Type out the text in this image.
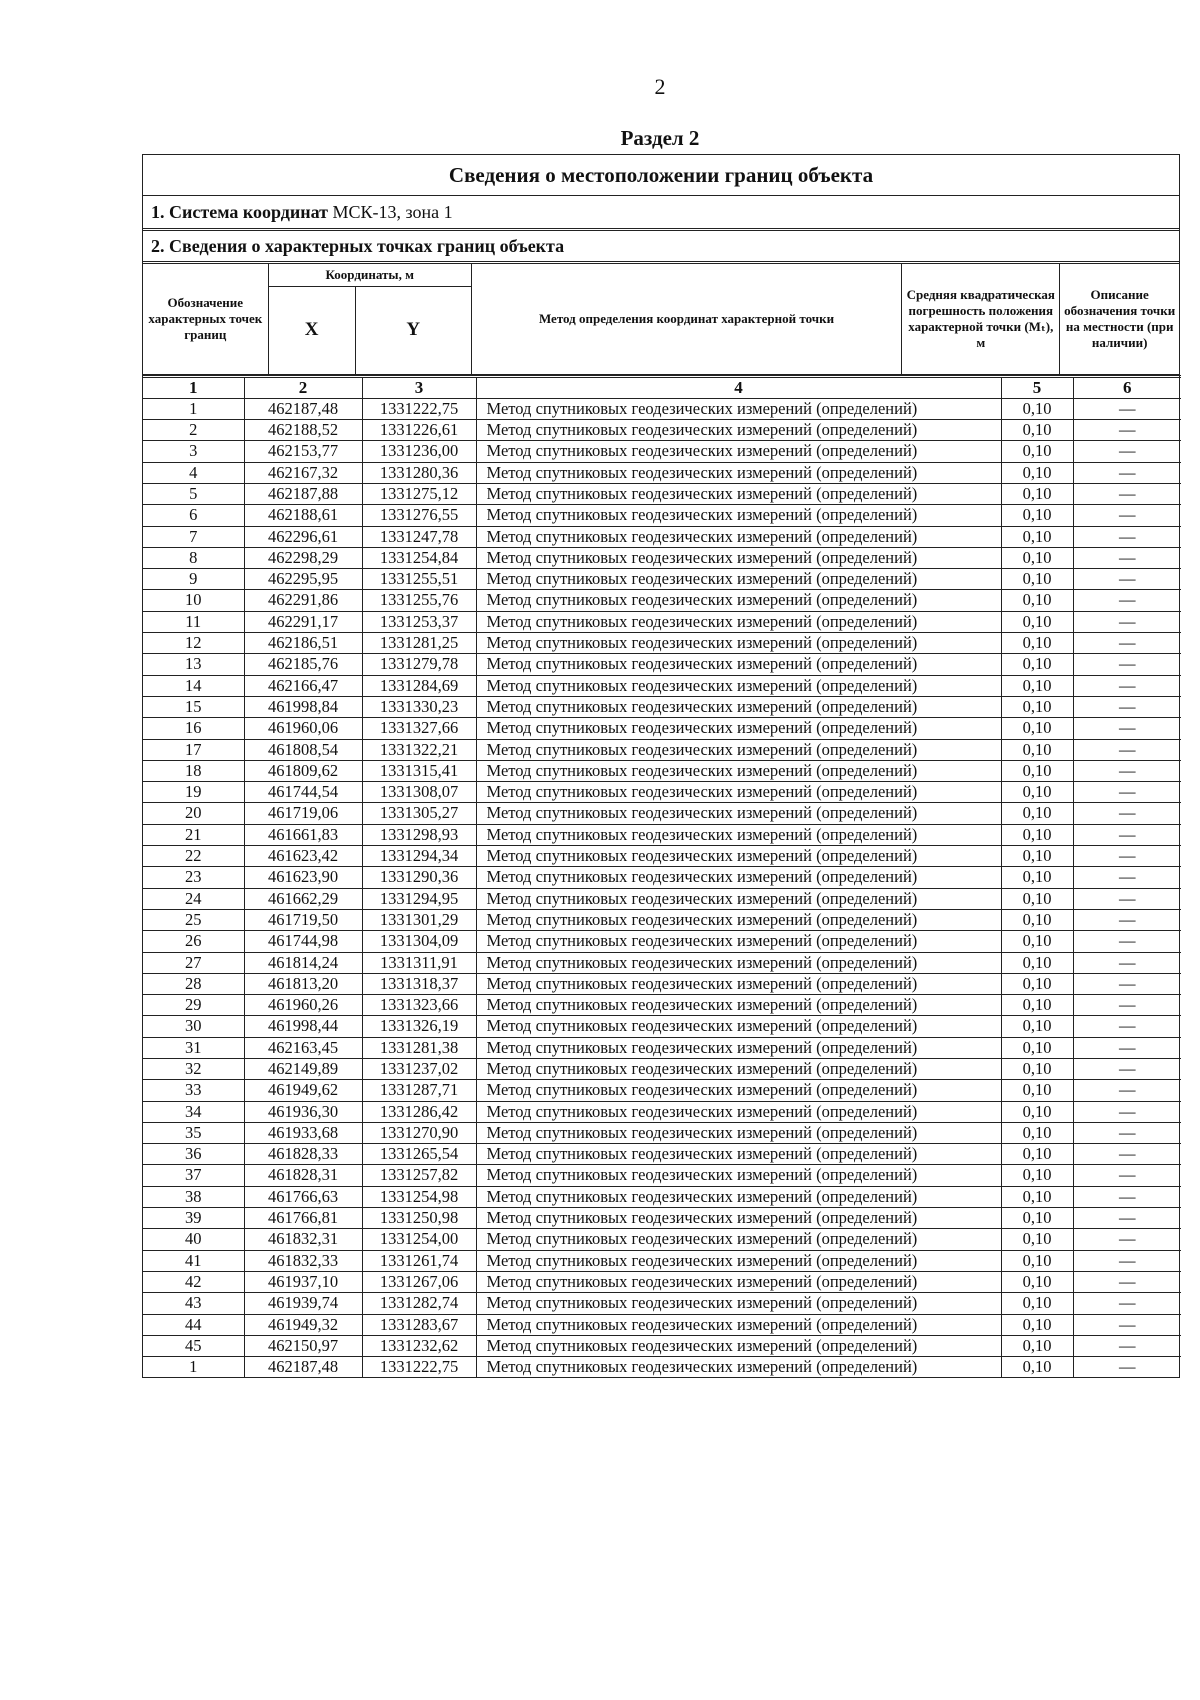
2
Раздел 2
Сведения о местоположении границ объекта
1. Система координат МСК-13, зона 1
2. Сведения о характерных точках границ объекта
Обозначение характерных точек границ	Координаты, м		Метод определения координат характерной точки	Средняя квадратическая погрешность положения характерной точки (Mₜ), м	Описание обозначения точки на местности (при наличии)
	X	Y			
1	2	3	4	5	6
1	462187,48	1331222,75	Метод спутниковых геодезических измерений (определений)	0,10	—
2	462188,52	1331226,61	Метод спутниковых геодезических измерений (определений)	0,10	—
3	462153,77	1331236,00	Метод спутниковых геодезических измерений (определений)	0,10	—
4	462167,32	1331280,36	Метод спутниковых геодезических измерений (определений)	0,10	—
5	462187,88	1331275,12	Метод спутниковых геодезических измерений (определений)	0,10	—
6	462188,61	1331276,55	Метод спутниковых геодезических измерений (определений)	0,10	—
7	462296,61	1331247,78	Метод спутниковых геодезических измерений (определений)	0,10	—
8	462298,29	1331254,84	Метод спутниковых геодезических измерений (определений)	0,10	—
9	462295,95	1331255,51	Метод спутниковых геодезических измерений (определений)	0,10	—
10	462291,86	1331255,76	Метод спутниковых геодезических измерений (определений)	0,10	—
11	462291,17	1331253,37	Метод спутниковых геодезических измерений (определений)	0,10	—
12	462186,51	1331281,25	Метод спутниковых геодезических измерений (определений)	0,10	—
13	462185,76	1331279,78	Метод спутниковых геодезических измерений (определений)	0,10	—
14	462166,47	1331284,69	Метод спутниковых геодезических измерений (определений)	0,10	—
15	461998,84	1331330,23	Метод спутниковых геодезических измерений (определений)	0,10	—
16	461960,06	1331327,66	Метод спутниковых геодезических измерений (определений)	0,10	—
17	461808,54	1331322,21	Метод спутниковых геодезических измерений (определений)	0,10	—
18	461809,62	1331315,41	Метод спутниковых геодезических измерений (определений)	0,10	—
19	461744,54	1331308,07	Метод спутниковых геодезических измерений (определений)	0,10	—
20	461719,06	1331305,27	Метод спутниковых геодезических измерений (определений)	0,10	—
21	461661,83	1331298,93	Метод спутниковых геодезических измерений (определений)	0,10	—
22	461623,42	1331294,34	Метод спутниковых геодезических измерений (определений)	0,10	—
23	461623,90	1331290,36	Метод спутниковых геодезических измерений (определений)	0,10	—
24	461662,29	1331294,95	Метод спутниковых геодезических измерений (определений)	0,10	—
25	461719,50	1331301,29	Метод спутниковых геодезических измерений (определений)	0,10	—
26	461744,98	1331304,09	Метод спутниковых геодезических измерений (определений)	0,10	—
27	461814,24	1331311,91	Метод спутниковых геодезических измерений (определений)	0,10	—
28	461813,20	1331318,37	Метод спутниковых геодезических измерений (определений)	0,10	—
29	461960,26	1331323,66	Метод спутниковых геодезических измерений (определений)	0,10	—
30	461998,44	1331326,19	Метод спутниковых геодезических измерений (определений)	0,10	—
31	462163,45	1331281,38	Метод спутниковых геодезических измерений (определений)	0,10	—
32	462149,89	1331237,02	Метод спутниковых геодезических измерений (определений)	0,10	—
33	461949,62	1331287,71	Метод спутниковых геодезических измерений (определений)	0,10	—
34	461936,30	1331286,42	Метод спутниковых геодезических измерений (определений)	0,10	—
35	461933,68	1331270,90	Метод спутниковых геодезических измерений (определений)	0,10	—
36	461828,33	1331265,54	Метод спутниковых геодезических измерений (определений)	0,10	—
37	461828,31	1331257,82	Метод спутниковых геодезических измерений (определений)	0,10	—
38	461766,63	1331254,98	Метод спутниковых геодезических измерений (определений)	0,10	—
39	461766,81	1331250,98	Метод спутниковых геодезических измерений (определений)	0,10	—
40	461832,31	1331254,00	Метод спутниковых геодезических измерений (определений)	0,10	—
41	461832,33	1331261,74	Метод спутниковых геодезических измерений (определений)	0,10	—
42	461937,10	1331267,06	Метод спутниковых геодезических измерений (определений)	0,10	—
43	461939,74	1331282,74	Метод спутниковых геодезических измерений (определений)	0,10	—
44	461949,32	1331283,67	Метод спутниковых геодезических измерений (определений)	0,10	—
45	462150,97	1331232,62	Метод спутниковых геодезических измерений (определений)	0,10	—
1	462187,48	1331222,75	Метод спутниковых геодезических измерений (определений)	0,10	—
